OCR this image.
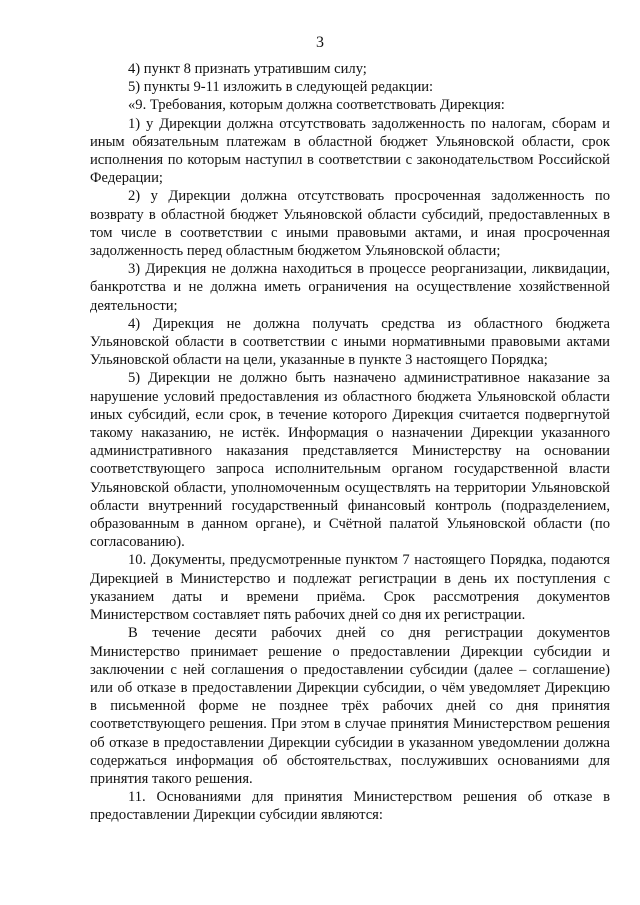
3

4) пункт 8 признать утратившим силу;

5) пункты 9-11 изложить в следующей редакции:

«9. Требования, которым должна соответствовать Дирекция:

1) у Дирекции должна отсутствовать задолженность по налогам, сборам и иным обязательным платежам в областной бюджет Ульяновской области, срок исполнения по которым наступил в соответствии с законодательством Российской Федерации;

2) у Дирекции должна отсутствовать просроченная задолженность по возврату в областной бюджет Ульяновской области субсидий, предоставленных в том числе в соответствии с иными правовыми актами, и иная просроченная задолженность перед областным бюджетом Ульяновской области;

3) Дирекция не должна находиться в процессе реорганизации, ликвидации, банкротства и не должна иметь ограничения на осуществление хозяйственной деятельности;

4) Дирекция не должна получать средства из областного бюджета Ульяновской области в соответствии с иными нормативными правовыми актами Ульяновской области на цели, указанные в пункте 3 настоящего Порядка;

5) Дирекции не должно быть назначено административное наказание за нарушение условий предоставления из областного бюджета Ульяновской области иных субсидий, если срок, в течение которого Дирекция считается подвергнутой такому наказанию, не истёк. Информация о назначении Дирекции указанного административного наказания представляется Министерству на основании соответствующего запроса исполнительным органом государственной власти Ульяновской области, уполномоченным осуществлять на территории Ульяновской области внутренний государственный финансовый контроль (подразделением, образованным в данном органе), и Счётной палатой Ульяновской области (по согласованию).

10. Документы, предусмотренные пунктом 7 настоящего Порядка, подаются Дирекцией в Министерство и подлежат регистрации в день их поступления с указанием даты и времени приёма. Срок рассмотрения документов Министерством составляет пять рабочих дней со дня их регистрации.

В течение десяти рабочих дней со дня регистрации документов Министерство принимает решение о предоставлении Дирекции субсидии и заключении с ней соглашения о предоставлении субсидии (далее – соглашение) или об отказе в предоставлении Дирекции субсидии, о чём уведомляет Дирекцию в письменной форме не позднее трёх рабочих дней со дня принятия соответствующего решения. При этом в случае принятия Министерством решения об отказе в предоставлении Дирекции субсидии в указанном уведомлении должна содержаться информация об обстоятельствах, послуживших основаниями для принятия такого решения.

11. Основаниями для принятия Министерством решения об отказе в предоставлении Дирекции субсидии являются:
